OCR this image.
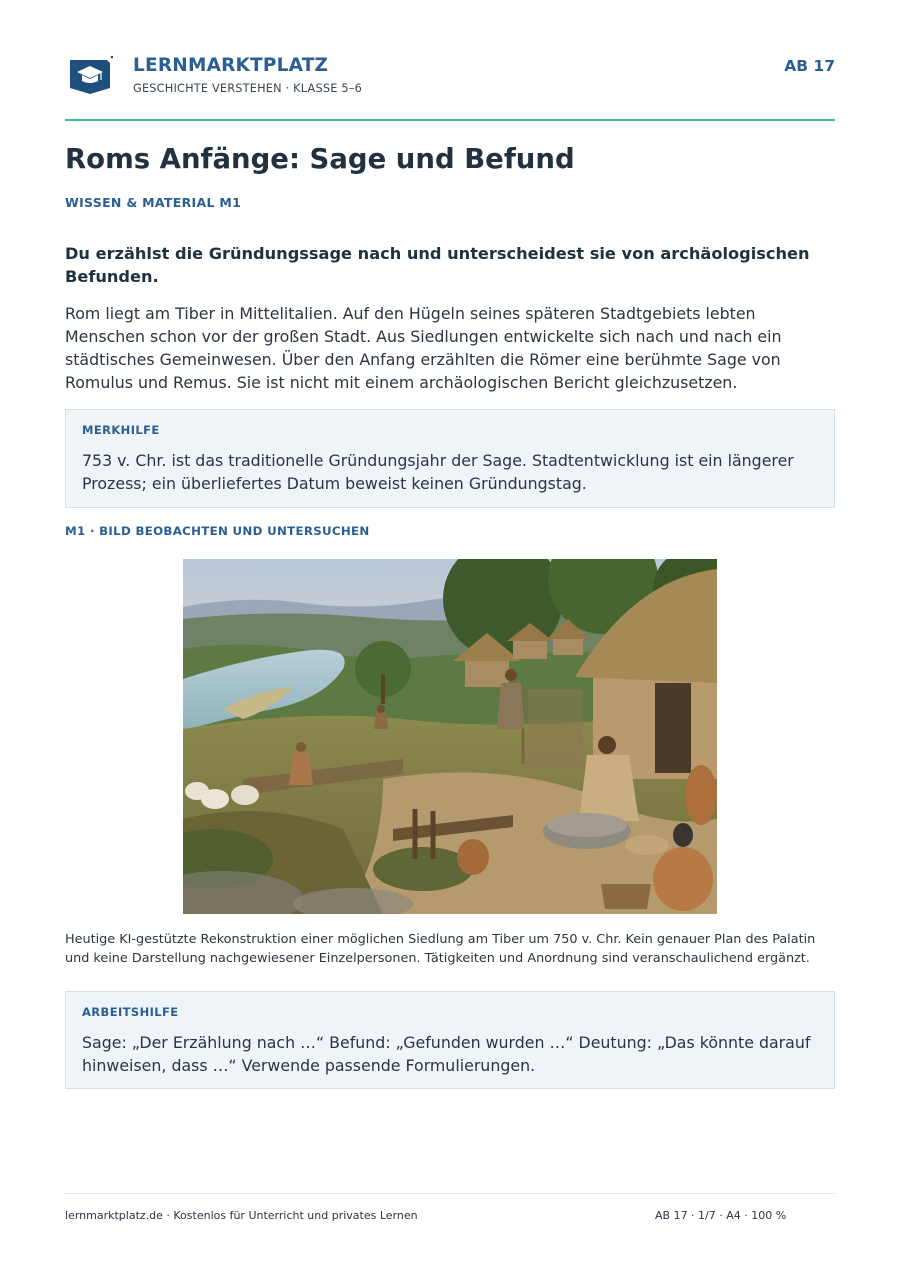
LERNMARKTPLATZ
GESCHICHTE VERSTEHEN · KLASSE 5–6
AB 17
Roms Anfänge: Sage und Befund
WISSEN & MATERIAL M1

Du erzählst die Gründungssage nach und unterscheidest sie von archäologischen Befunden.

Rom liegt am Tiber in Mittelitalien. Auf den Hügeln seines späteren Stadtgebiets lebten Menschen schon vor der großen Stadt. Aus Siedlungen entwickelte sich nach und nach ein städtisches Gemeinwesen. Über den Anfang erzählten die Römer eine berühmte Sage von Romulus und Remus. Sie ist nicht mit einem archäologischen Bericht gleichzusetzen.

MERKHILFE
753 v. Chr. ist das traditionelle Gründungsjahr der Sage. Stadtentwicklung ist ein längerer Prozess; ein überliefertes Datum beweist keinen Gründungstag.
M1 · BILD BEOBACHTEN UND UNTERSUCHEN
Heutige KI-gestützte Rekonstruktion einer möglichen Siedlung am Tiber um 750 v. Chr. Kein genauer Plan des Palatin und keine Darstellung nachgewiesener Einzelpersonen. Tätigkeiten und Anordnung sind veranschaulichend ergänzt.
ARBEITSHILFE
Sage: „Der Erzählung nach …“ Befund: „Gefunden wurden …“ Deutung: „Das könnte darauf hinweisen, dass …“ Verwende passende Formulierungen.
lernmarktplatz.de · Kostenlos für Unterricht und privates Lernen	AB 17 · 1/7 · A4 · 100 %
